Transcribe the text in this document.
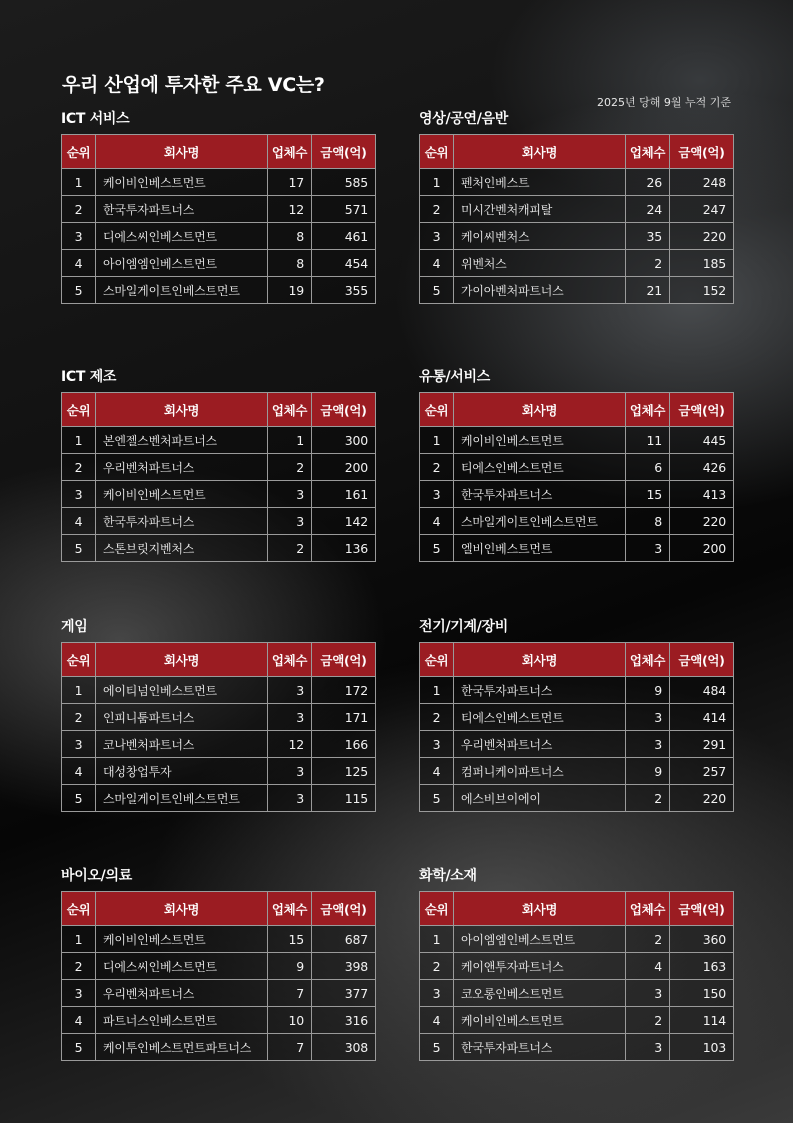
우리 산업에 투자한 주요 VC는?
2025년 당해 9월 누적 기준
ICT 서비스
순위	회사명	업체수	금액(억)
1	케이비인베스트먼트	17	585
2	한국투자파트너스	12	571
3	디에스씨인베스트먼트	8	461
4	아이엠엠인베스트먼트	8	454
5	스마일게이트인베스트먼트	19	355
영상/공연/음반
순위	회사명	업체수	금액(억)
1	펜처인베스트	26	248
2	미시간벤처캐피탈	24	247
3	케이씨벤처스	35	220
4	위벤처스	2	185
5	가이아벤처파트너스	21	152
ICT 제조
순위	회사명	업체수	금액(억)
1	본엔젤스벤처파트너스	1	300
2	우리벤처파트너스	2	200
3	케이비인베스트먼트	3	161
4	한국투자파트너스	3	142
5	스톤브릿지벤처스	2	136
유통/서비스
순위	회사명	업체수	금액(억)
1	케이비인베스트먼트	11	445
2	티에스인베스트먼트	6	426
3	한국투자파트너스	15	413
4	스마일게이트인베스트먼트	8	220
5	엘비인베스트먼트	3	200
게임
순위	회사명	업체수	금액(억)
1	에이티넘인베스트먼트	3	172
2	인피니툼파트너스	3	171
3	코나벤처파트너스	12	166
4	대성창업투자	3	125
5	스마일게이트인베스트먼트	3	115
전기/기계/장비
순위	회사명	업체수	금액(억)
1	한국투자파트너스	9	484
2	티에스인베스트먼트	3	414
3	우리벤처파트너스	3	291
4	컴퍼니케이파트너스	9	257
5	에스비브이에이	2	220
바이오/의료
순위	회사명	업체수	금액(억)
1	케이비인베스트먼트	15	687
2	디에스씨인베스트먼트	9	398
3	우리벤처파트너스	7	377
4	파트너스인베스트먼트	10	316
5	케이투인베스트먼트파트너스	7	308
화학/소재
순위	회사명	업체수	금액(억)
1	아이엠엠인베스트먼트	2	360
2	케이앤투자파트너스	4	163
3	코오롱인베스트먼트	3	150
4	케이비인베스트먼트	2	114
5	한국투자파트너스	3	103
